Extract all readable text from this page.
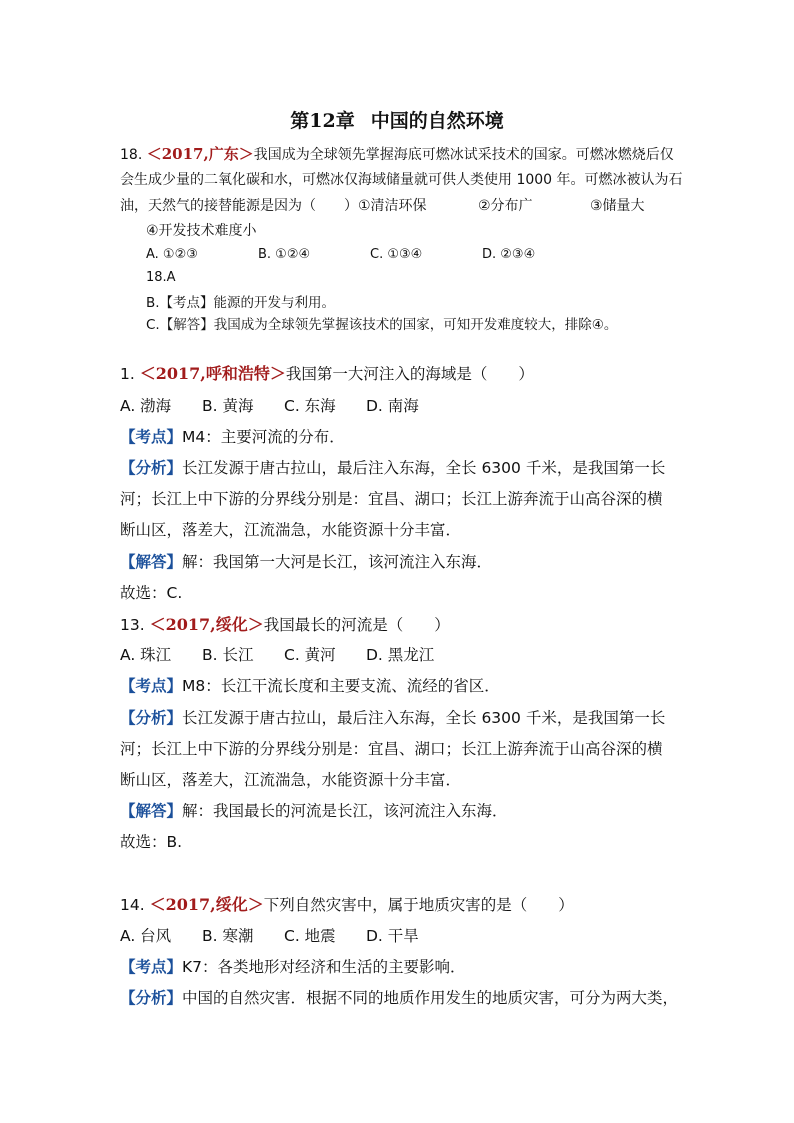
第12章 中国的自然环境
18. ＜2017,广东＞我国成为全球领先掌握海底可燃冰试采技术的国家。可燃冰燃烧后仅
会生成少量的二氧化碳和水，可燃冰仅海域储量就可供人类使用 1000 年。可燃冰被认为石
油，天然气的接替能源是因为（　　）①清洁环保	②分布广	③储量大
④开发技术难度小
A. ①②③	B. ①②④	C. ①③④	D. ②③④
18.A
B.【考点】能源的开发与利用。
C.【解答】我国成为全球领先掌握该技术的国家，可知开发难度较大，排除④。
1. ＜2017,呼和浩特＞我国第一大河注入的海域是（　　）
A. 渤海 B. 黄海 C. 东海 D. 南海
【考点】M4：主要河流的分布．
【分析】长江发源于唐古拉山，最后注入东海，全长 6300 千米，是我国第一长
河；长江上中下游的分界线分别是：宜昌、湖口；长江上游奔流于山高谷深的横
断山区，落差大，江流湍急，水能资源十分丰富．
【解答】解：我国第一大河是长江，该河流注入东海．
故选：C.
13. ＜2017,绥化＞我国最长的河流是（　　）
A. 珠江 B. 长江 C. 黄河 D. 黑龙江
【考点】M8：长江干流长度和主要支流、流经的省区．
【分析】长江发源于唐古拉山，最后注入东海，全长 6300 千米，是我国第一长
河；长江上中下游的分界线分别是：宜昌、湖口；长江上游奔流于山高谷深的横
断山区，落差大，江流湍急，水能资源十分丰富．
【解答】解：我国最长的河流是长江，该河流注入东海．
故选：B.
14. ＜2017,绥化＞下列自然灾害中，属于地质灾害的是（　　）
A. 台风 B. 寒潮 C. 地震 D. 干旱
【考点】K7：各类地形对经济和生活的主要影响．
【分析】中国的自然灾害．根据不同的地质作用发生的地质灾害，可分为两大类，
